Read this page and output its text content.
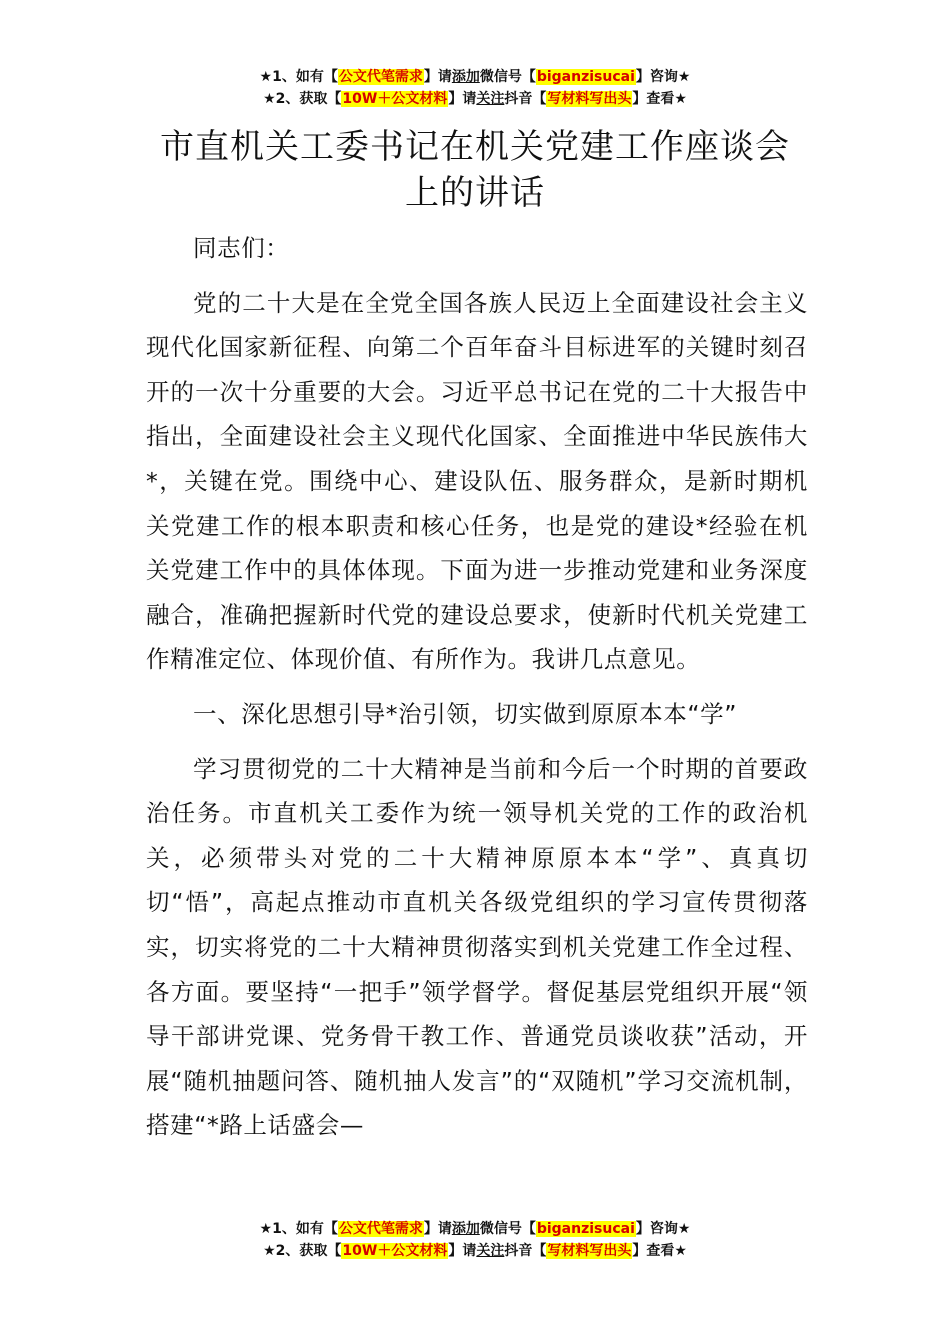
★1、如有【公文代笔需求】请添加微信号【biganzisucai】咨询★
★2、获取【10W＋公文材料】请关注抖音【写材料写出头】查看★
市直机关工委书记在机关党建工作座谈会上的讲话

同志们：

党的二十大是在全党全国各族人民迈上全面建设社会主义现代化国家新征程、向第二个百年奋斗目标进军的关键时刻召开的一次十分重要的大会。习近平总书记在党的二十大报告中指出，全面建设社会主义现代化国家、全面推进中华民族伟大*，关键在党。围绕中心、建设队伍、服务群众，是新时期机关党建工作的根本职责和核心任务，也是党的建设*经验在机关党建工作中的具体体现。下面为进一步推动党建和业务深度融合，准确把握新时代党的建设总要求，使新时代机关党建工作精准定位、体现价值、有所作为。我讲几点意见。

一、深化思想引导*治引领，切实做到原原本本“学”

学习贯彻党的二十大精神是当前和今后一个时期的首要政治任务。市直机关工委作为统一领导机关党的工作的政治机关，必须带头对党的二十大精神原原本本“学”、真真切切“悟”，高起点推动市直机关各级党组织的学习宣传贯彻落实，切实将党的二十大精神贯彻落实到机关党建工作全过程、各方面。要坚持“一把手”领学督学。督促基层党组织开展“领导干部讲党课、党务骨干教工作、普通党员谈收获”活动，开展“随机抽题问答、随机抽人发言”的“双随机”学习交流机制，搭建“*路上话盛会—

★1、如有【公文代笔需求】请添加微信号【biganzisucai】咨询★
★2、获取【10W＋公文材料】请关注抖音【写材料写出头】查看★
